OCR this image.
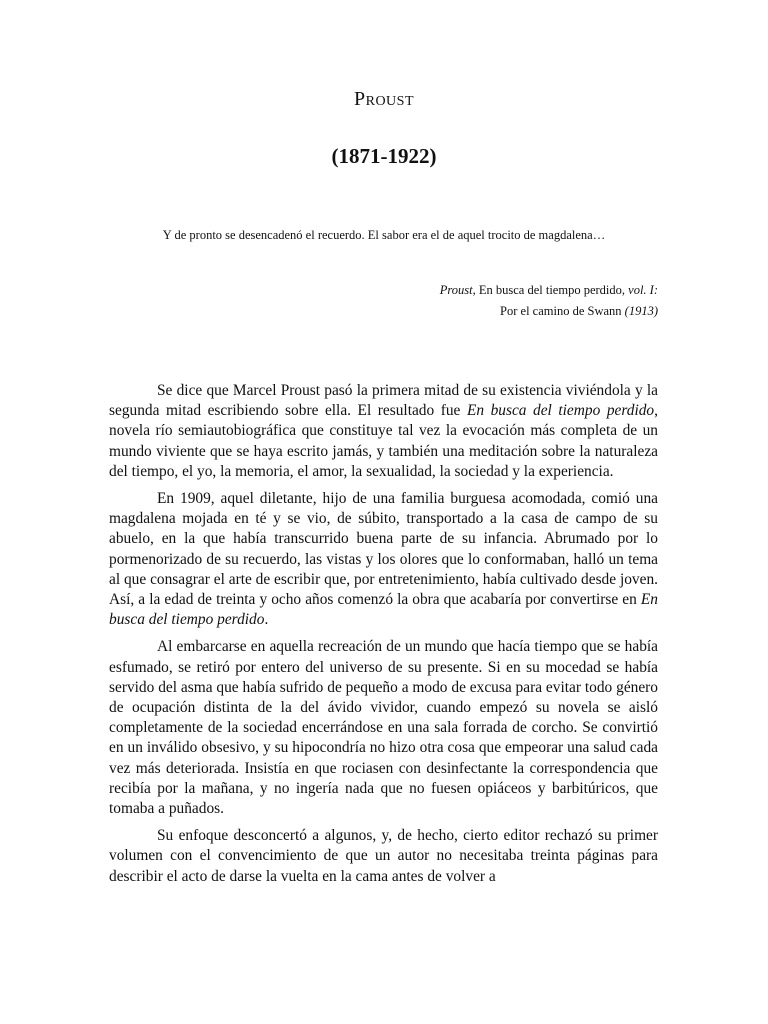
Proust
(1871-1922)
Y de pronto se desencadenó el recuerdo. El sabor era el de aquel trocito de magdalena…
Proust, En busca del tiempo perdido, vol. I:
Por el camino de Swann (1913)

Se dice que Marcel Proust pasó la primera mitad de su existencia viviéndola y la segunda mitad escribiendo sobre ella. El resultado fue En busca del tiempo perdido, novela río semiautobiográfica que constituye tal vez la evocación más completa de un mundo viviente que se haya escrito jamás, y también una meditación sobre la naturaleza del tiempo, el yo, la memoria, el amor, la sexualidad, la sociedad y la experiencia.

En 1909, aquel diletante, hijo de una familia burguesa acomodada, comió una magdalena mojada en té y se vio, de súbito, transportado a la casa de campo de su abuelo, en la que había transcurrido buena parte de su infancia. Abrumado por lo pormenorizado de su recuerdo, las vistas y los olores que lo conformaban, halló un tema al que consagrar el arte de escribir que, por entretenimiento, había cultivado desde joven. Así, a la edad de treinta y ocho años comenzó la obra que acabaría por convertirse en En busca del tiempo perdido.

Al embarcarse en aquella recreación de un mundo que hacía tiempo que se había esfumado, se retiró por entero del universo de su presente. Si en su mocedad se había servido del asma que había sufrido de pequeño a modo de excusa para evitar todo género de ocupación distinta de la del ávido vividor, cuando empezó su novela se aisló completamente de la sociedad encerrándose en una sala forrada de corcho. Se convirtió en un inválido obsesivo, y su hipocondría no hizo otra cosa que empeorar una salud cada vez más deteriorada. Insistía en que rociasen con desinfectante la correspondencia que recibía por la mañana, y no ingería nada que no fuesen opiáceos y barbitúricos, que tomaba a puñados.

Su enfoque desconcertó a algunos, y, de hecho, cierto editor rechazó su primer volumen con el convencimiento de que un autor no necesitaba treinta páginas para describir el acto de darse la vuelta en la cama antes de volver a
